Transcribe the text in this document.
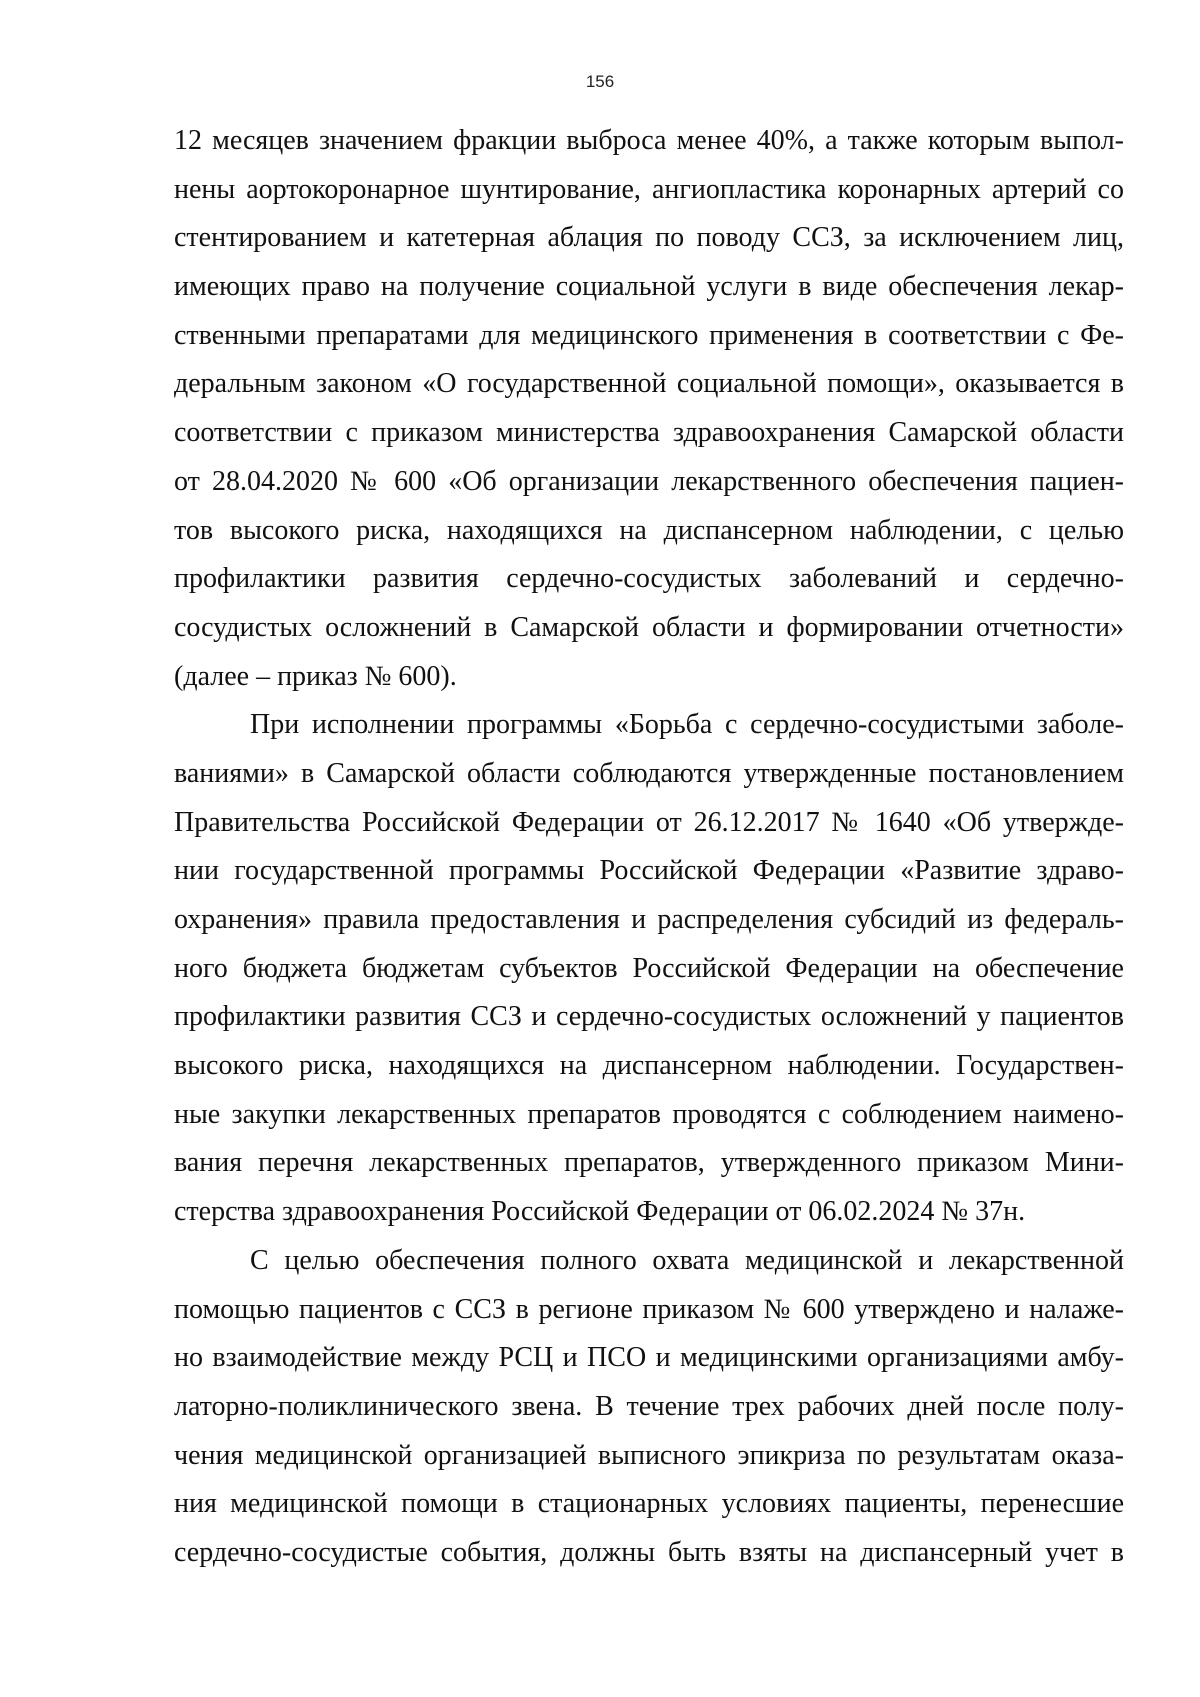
156
12 месяцев значением фракции выброса менее 40%, а также которым выпол-
нены аортокоронарное шунтирование, ангиопластика коронарных артерий со
стентированием и катетерная аблация по поводу ССЗ, за исключением лиц,
имеющих право на получение социальной услуги в виде обеспечения лекар-
ственными препаратами для медицинского применения в соответствии с Фе-
деральным законом «О государственной социальной помощи», оказывается в
соответствии с приказом министерства здравоохранения Самарской области
от 28.04.2020 № 600 «Об организации лекарственного обеспечения пациен-
тов высокого риска, находящихся на диспансерном наблюдении, с целью
профилактики развития сердечно-сосудистых заболеваний и сердечно-
сосудистых осложнений в Самарской области и формировании отчетности»
(далее – приказ № 600).
При исполнении программы «Борьба с сердечно-сосудистыми заболе-
ваниями» в Самарской области соблюдаются утвержденные постановлением
Правительства Российской Федерации от 26.12.2017 № 1640 «Об утвержде-
нии государственной программы Российской Федерации «Развитие здраво-
охранения» правила предоставления и распределения субсидий из федераль-
ного бюджета бюджетам субъектов Российской Федерации на обеспечение
профилактики развития ССЗ и сердечно-сосудистых осложнений у пациентов
высокого риска, находящихся на диспансерном наблюдении. Государствен-
ные закупки лекарственных препаратов проводятся с соблюдением наимено-
вания перечня лекарственных препаратов, утвержденного приказом Мини-
стерства здравоохранения Российской Федерации от 06.02.2024 № 37н.
С целью обеспечения полного охвата медицинской и лекарственной
помощью пациентов с ССЗ в регионе приказом № 600 утверждено и налаже-
но взаимодействие между РСЦ и ПСО и медицинскими организациями амбу-
латорно-поликлинического звена. В течение трех рабочих дней после полу-
чения медицинской организацией выписного эпикриза по результатам оказа-
ния медицинской помощи в стационарных условиях пациенты, перенесшие
сердечно-сосудистые события, должны быть взяты на диспансерный учет в
